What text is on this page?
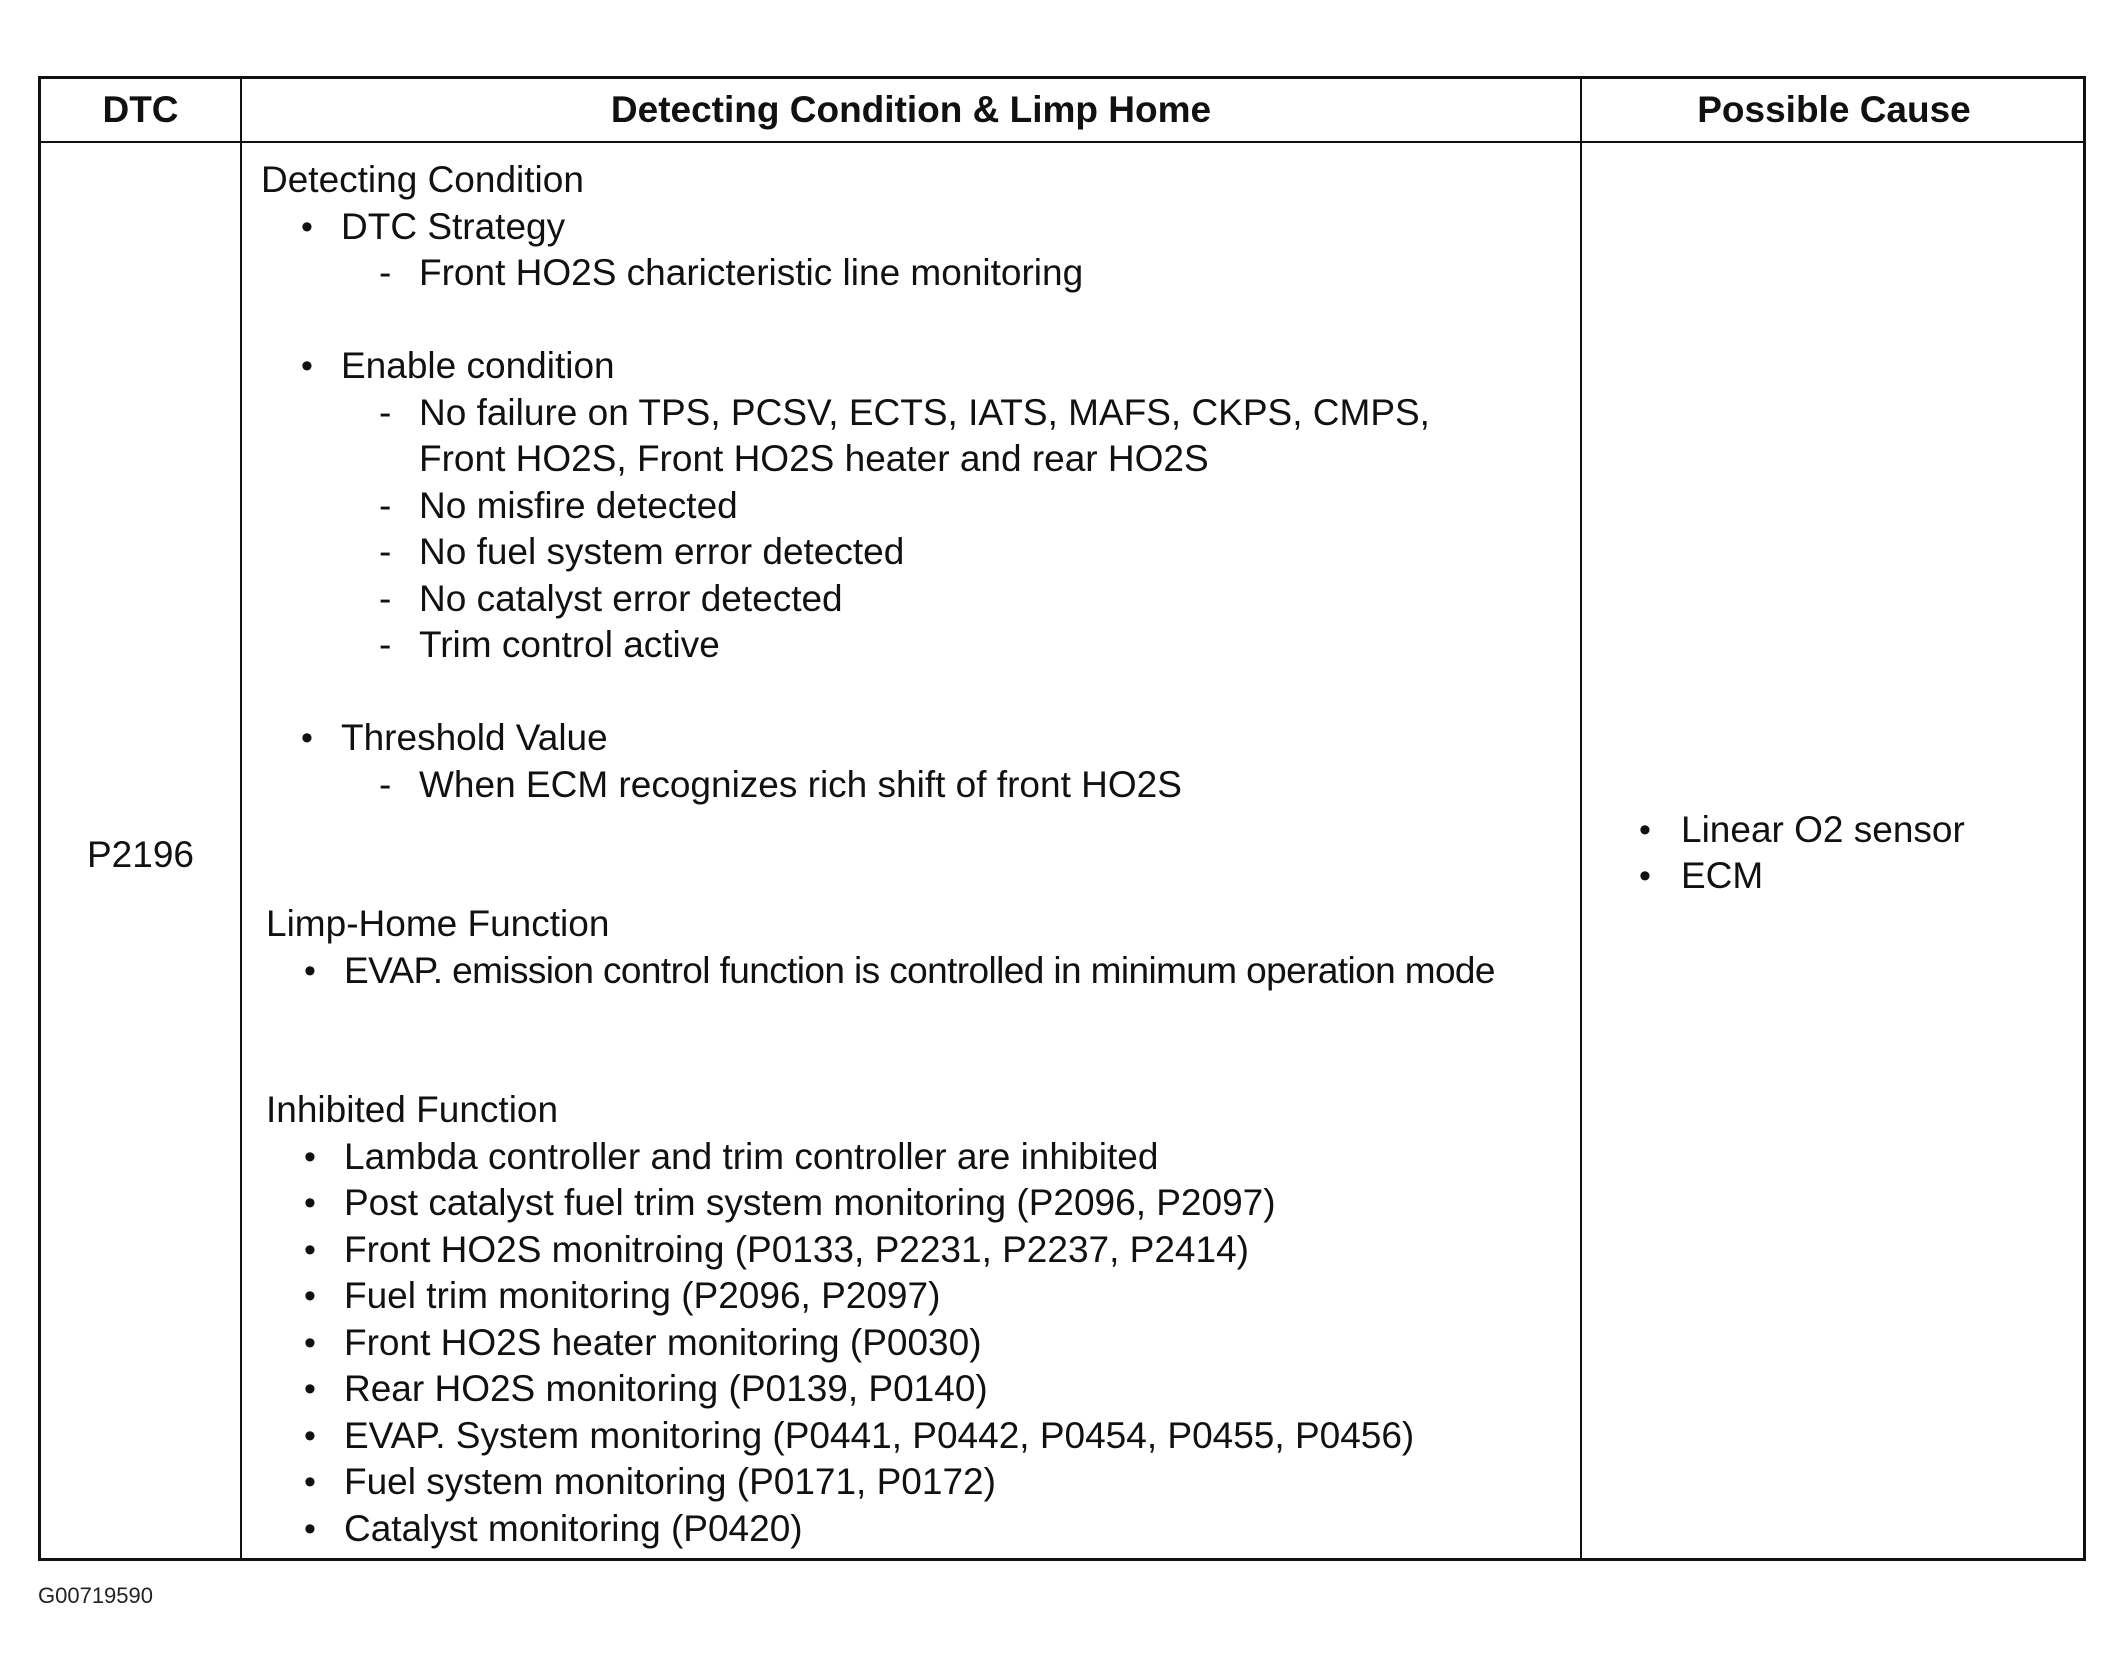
DTC	Detecting Condition & Limp Home	Possible Cause
P2196
Detecting Condition
• DTC Strategy
- Front HO2S charicteristic line monitoring
• Enable condition
- No failure on TPS, PCSV, ECTS, IATS, MAFS, CKPS, CMPS,
Front HO2S, Front HO2S heater and rear HO2S
- No misfire detected
- No fuel system error detected
- No catalyst error detected
- Trim control active
• Threshold Value
- When ECM recognizes rich shift of front HO2S
Limp-Home Function
• EVAP. emission control function is controlled in minimum operation mode
Inhibited Function
• Lambda controller and trim controller are inhibited
• Post catalyst fuel trim system monitoring (P2096, P2097)
• Front HO2S monitroing (P0133, P2231, P2237, P2414)
• Fuel trim monitoring (P2096, P2097)
• Front HO2S heater monitoring (P0030)
• Rear HO2S monitoring (P0139, P0140)
• EVAP. System monitoring (P0441, P0442, P0454, P0455, P0456)
• Fuel system monitoring (P0171, P0172)
• Catalyst monitoring (P0420)
• Linear O2 sensor
• ECM
G00719590
